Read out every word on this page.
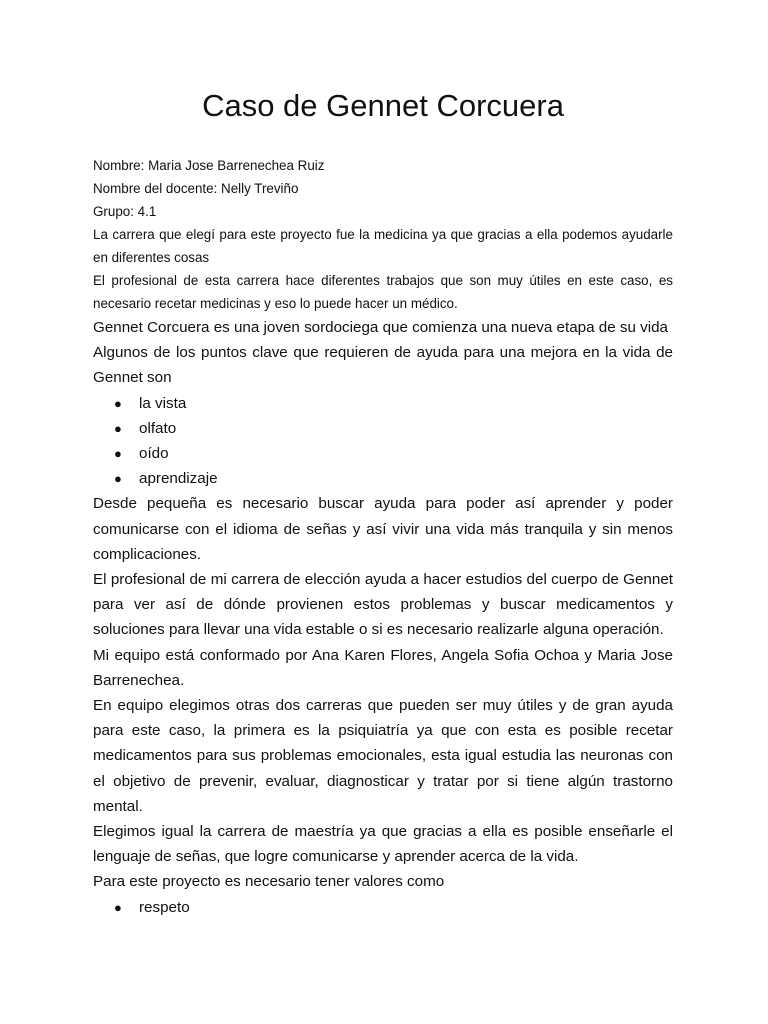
Caso de Gennet Corcuera

Nombre: Maria Jose Barrenechea Ruiz

Nombre del docente: Nelly Treviño

Grupo: 4.1

La carrera que elegí para este proyecto fue la medicina ya que gracias a ella podemos ayudarle en diferentes cosas

El profesional de esta carrera hace diferentes trabajos que son muy útiles en este caso, es necesario recetar medicinas y eso lo puede hacer un médico.

Gennet Corcuera es una joven sordociega que comienza una nueva etapa de su vida

Algunos de los puntos clave que requieren de ayuda para una mejora en la vida de Gennet son

● la vista
● olfato
● oído
● aprendizaje

Desde pequeña es necesario buscar ayuda para poder así aprender y poder comunicarse con el idioma de señas y así vivir una vida más tranquila y sin menos complicaciones.

El profesional de mi carrera de elección ayuda a hacer estudios del cuerpo de Gennet para ver así de dónde provienen estos problemas y buscar medicamentos y soluciones para llevar una vida estable o si es necesario realizarle alguna operación.

Mi equipo está conformado por Ana Karen Flores, Angela Sofia Ochoa y Maria Jose Barrenechea.

En equipo elegimos otras dos carreras que pueden ser muy útiles y de gran ayuda para este caso, la primera es la psiquiatría ya que con esta es posible recetar medicamentos para sus problemas emocionales, esta igual estudia las neuronas con el objetivo de prevenir, evaluar, diagnosticar y tratar por si tiene algún trastorno mental.

Elegimos igual la carrera de maestría ya que gracias a ella es posible enseñarle el lenguaje de señas, que logre comunicarse y aprender acerca de la vida.

Para este proyecto es necesario tener valores como

● respeto
